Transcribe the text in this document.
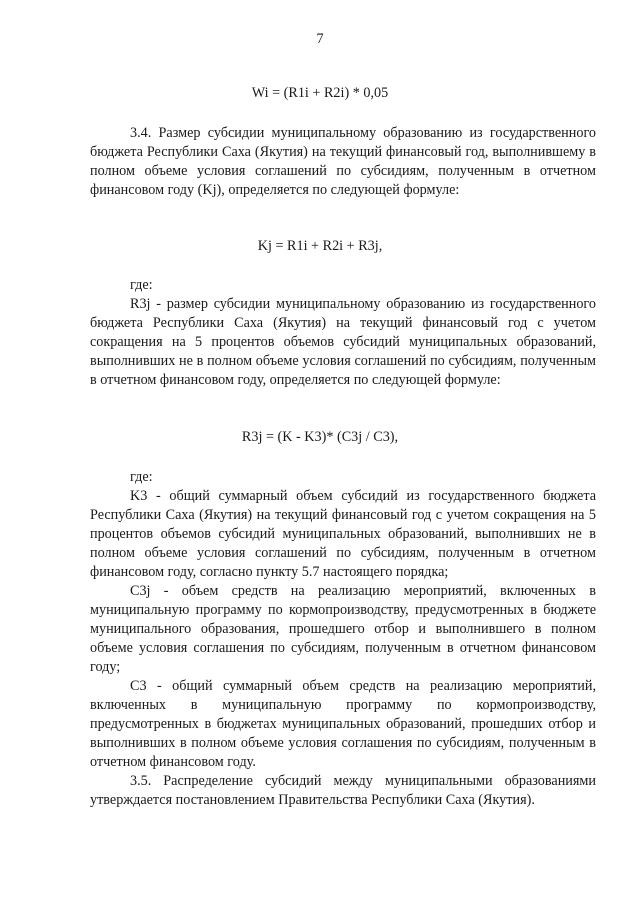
7
Wi = (R1i + R2i) * 0,05

3.4. Размер субсидии муниципальному образованию из государственного бюджета Республики Саха (Якутия) на текущий финансовый год, выполнившему в полном объеме условия соглашений по субсидиям, полученным в отчетном финансовом году (Kj), определяется по следующей формуле:

Kj = R1i + R2i + R3j,

где:

R3j - размер субсидии муниципальному образованию из государственного бюджета Республики Саха (Якутия) на текущий финансовый год с учетом сокращения на 5 процентов объемов субсидий муниципальных образований, выполнивших не в полном объеме условия соглашений по субсидиям, полученным в отчетном финансовом году, определяется по следующей формуле:

R3j = (K - K3)* (C3j / C3),

где:

K3 - общий суммарный объем субсидий из государственного бюджета Республики Саха (Якутия) на текущий финансовый год с учетом сокращения на 5 процентов объемов субсидий муниципальных образований, выполнивших не в полном объеме условия соглашений по субсидиям, полученным в отчетном финансовом году, согласно пункту 5.7 настоящего порядка;

C3j - объем средств на реализацию мероприятий, включенных в муниципальную программу по кормопроизводству, предусмотренных в бюджете муниципального образования, прошедшего отбор и выполнившего в полном объеме условия соглашения по субсидиям, полученным в отчетном финансовом году;

C3 - общий суммарный объем средств на реализацию мероприятий, включенных в муниципальную программу по кормопроизводству, предусмотренных в бюджетах муниципальных образований, прошедших отбор и выполнивших в полном объеме условия соглашения по субсидиям, полученным в отчетном финансовом году.

3.5. Распределение субсидий между муниципальными образованиями утверждается постановлением Правительства Республики Саха (Якутия).
